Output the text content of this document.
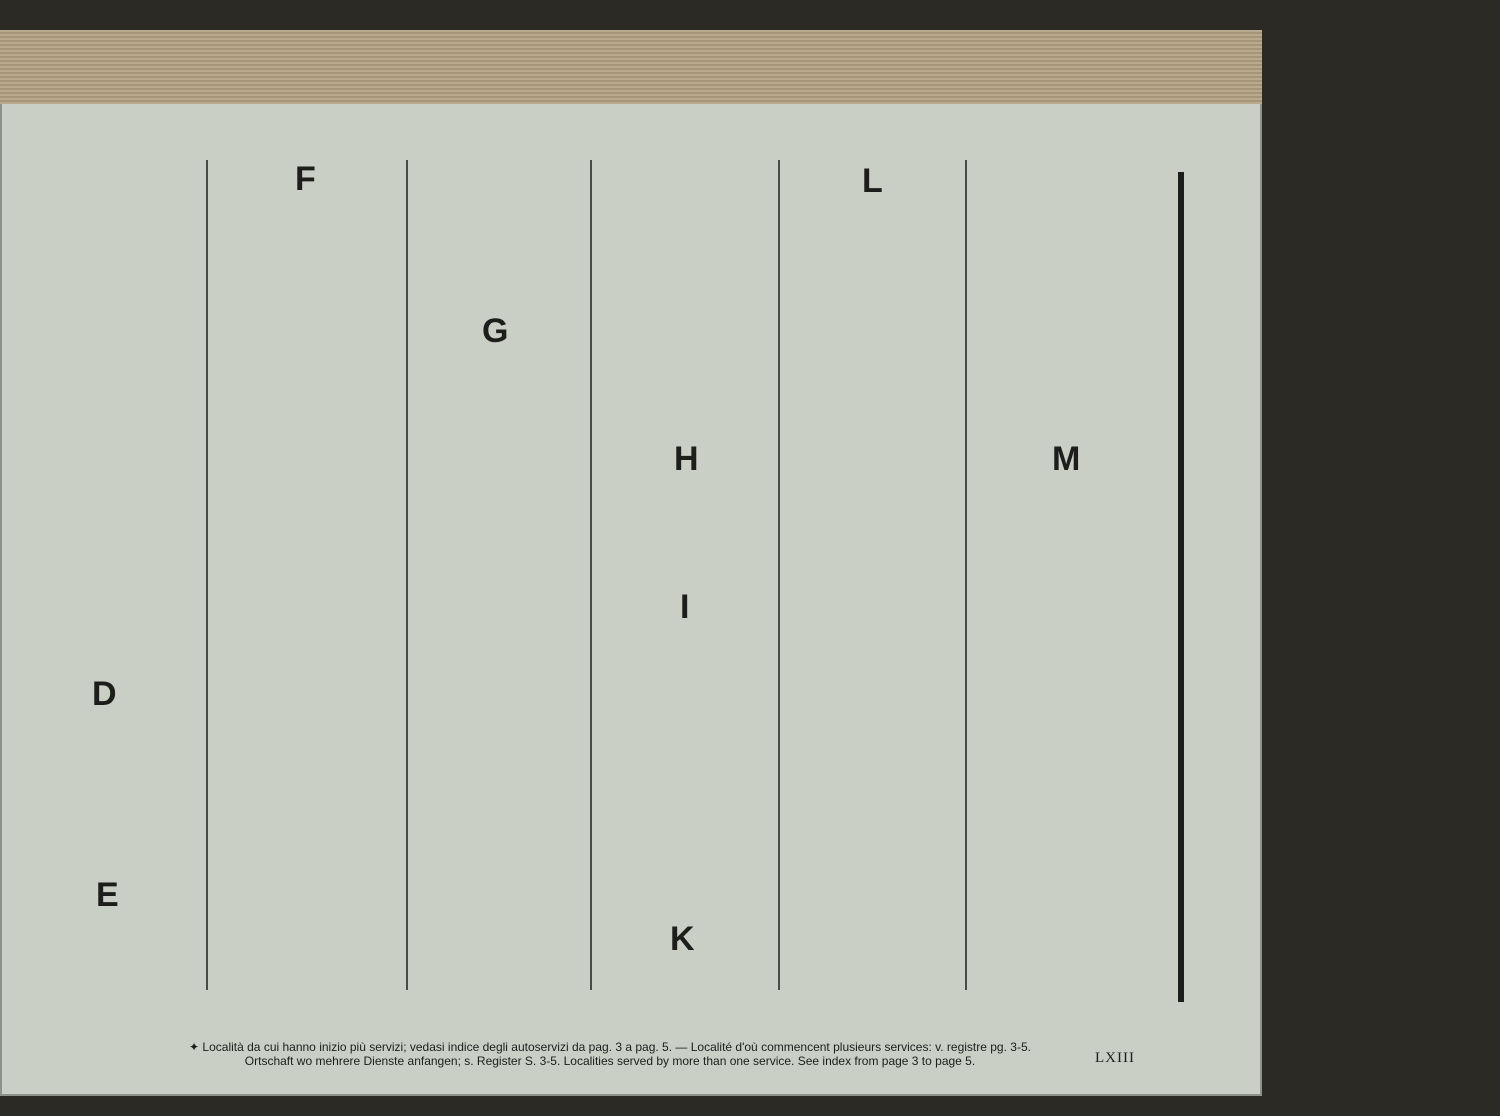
D
E
F
G
H
I
K
L
M
✦ Località da cui hanno inizio più servizi; vedasi indice degli autoservizi da pag. 3 a pag. 5. — Localité d'où commencent plusieurs services: v. registre pg. 3-5.
Ortschaft wo mehrere Dienste anfangen; s. Register S. 3-5. Localities served by more than one service. See index from page 3 to page 5.	LXIII
